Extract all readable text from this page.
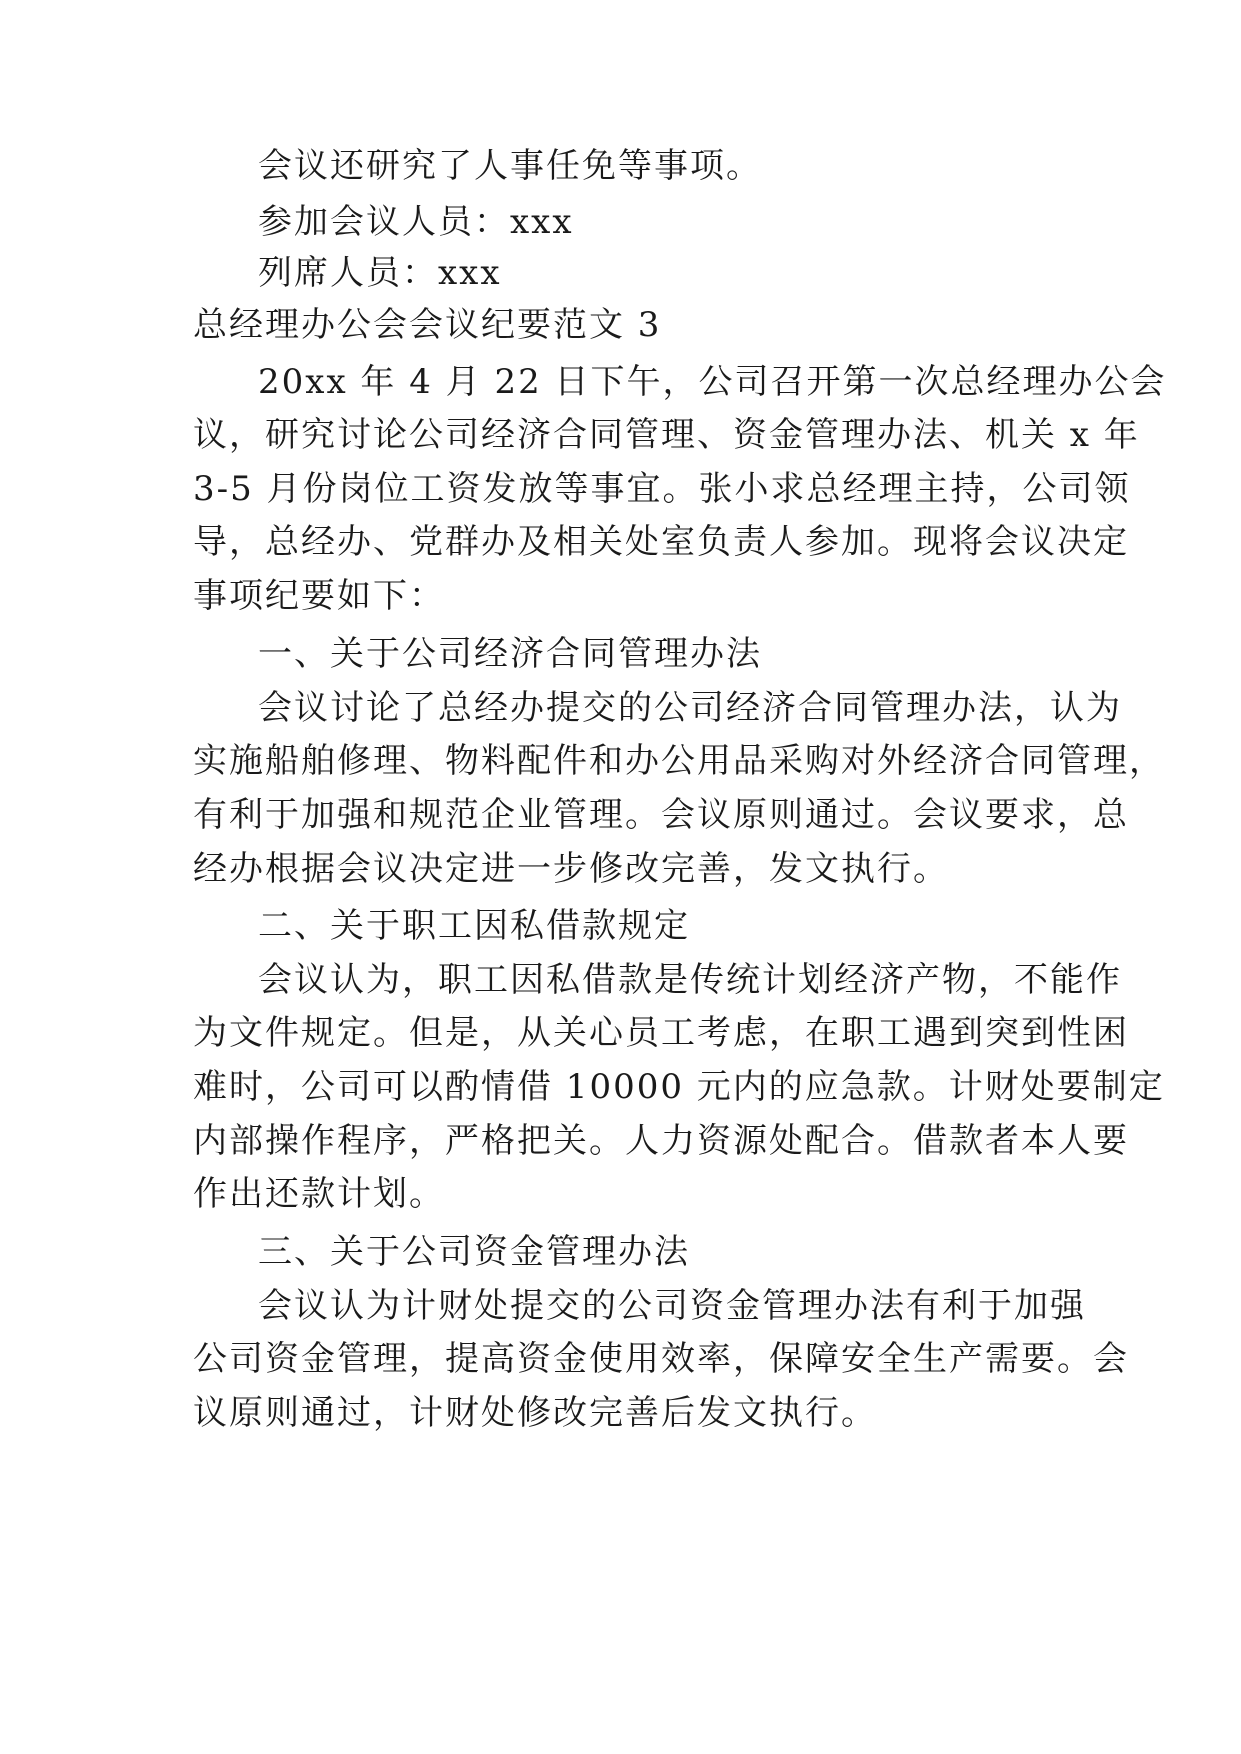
会议还研究了人事任免等事项。
参加会议人员：xxx
列席人员：xxx
总经理办公会会议纪要范文 3
20xx 年 4 月 22 日下午，公司召开第一次总经理办公会
议，研究讨论公司经济合同管理、资金管理办法、机关 x 年
3-5 月份岗位工资发放等事宜。张小求总经理主持，公司领
导，总经办、党群办及相关处室负责人参加。现将会议决定
事项纪要如下：
一、关于公司经济合同管理办法
会议讨论了总经办提交的公司经济合同管理办法，认为
实施船舶修理、物料配件和办公用品采购对外经济合同管理，
有利于加强和规范企业管理。会议原则通过。会议要求，总
经办根据会议决定进一步修改完善，发文执行。
二、关于职工因私借款规定
会议认为，职工因私借款是传统计划经济产物，不能作
为文件规定。但是，从关心员工考虑，在职工遇到突到性困
难时，公司可以酌情借 10000 元内的应急款。计财处要制定
内部操作程序，严格把关。人力资源处配合。借款者本人要
作出还款计划。
三、关于公司资金管理办法
会议认为计财处提交的公司资金管理办法有利于加强
公司资金管理，提高资金使用效率，保障安全生产需要。会
议原则通过，计财处修改完善后发文执行。
